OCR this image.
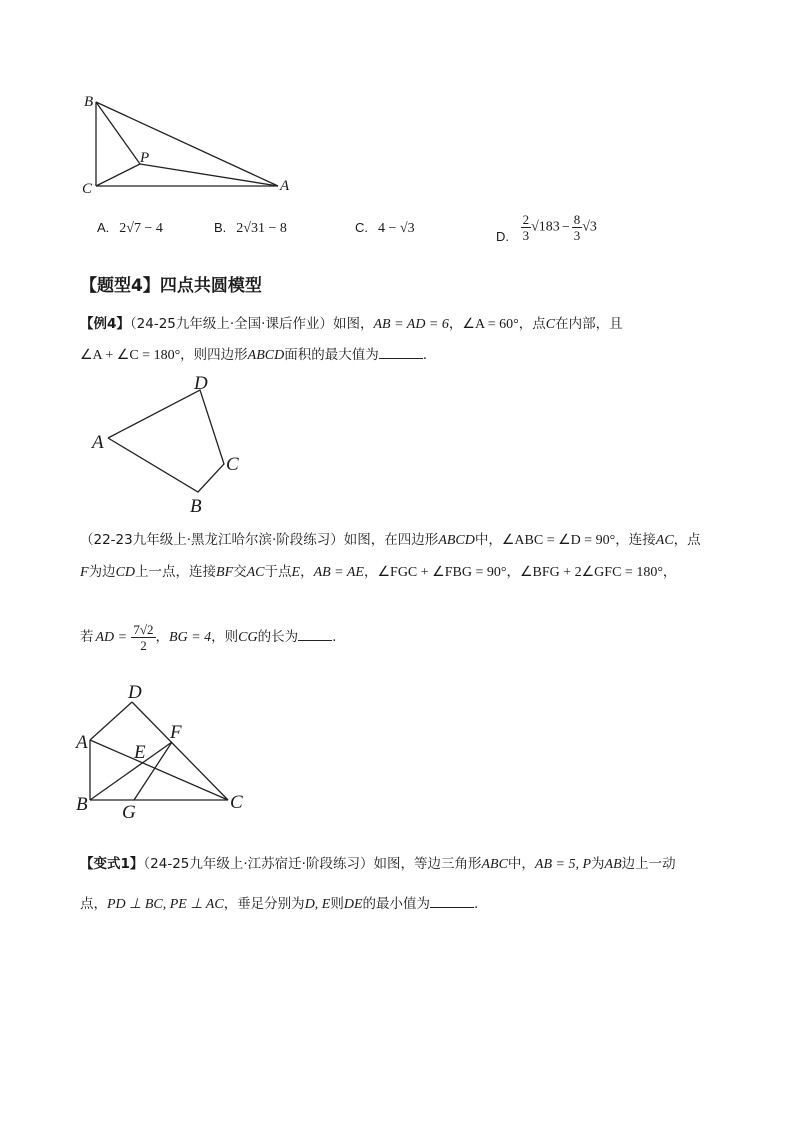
B
P
C	A
A. 2√7 − 4	B. 2√31 − 8	C. 4 − √3
D. $\frac{2}{3} √183 - \frac{8}{3} √3$
【题型4】四点共圆模型
【例4】（24-25九年级上·全国·课后作业）如图，AB = AD = 6，∠A = 60°，点C在内部，且
∠A + ∠C = 180°，则四边形ABCD面积的最大值为	.
D
A
C
B
（22-23九年级上·黑龙江哈尔滨·阶段练习）如图，在四边形ABCD中，∠ABC = ∠D = 90°，连接AC，点
F为边CD上一点，连接BF交AC于点E，AB = AE，∠FGC + ∠FBG = 90°，∠BFG + 2∠GFC = 180°，
若 AD = $\frac{7√2}{2}$ ，BG = 4，则CG的长为	.
D
A	F
E
B G	C
【变式1】（24-25九年级上·江苏宿迁·阶段练习）如图，等边三角形ABC中，AB = 5, P为AB边上一动
点，PD ⊥ BC, PE ⊥ AC，垂足分别为D, E则DE的最小值为	.
